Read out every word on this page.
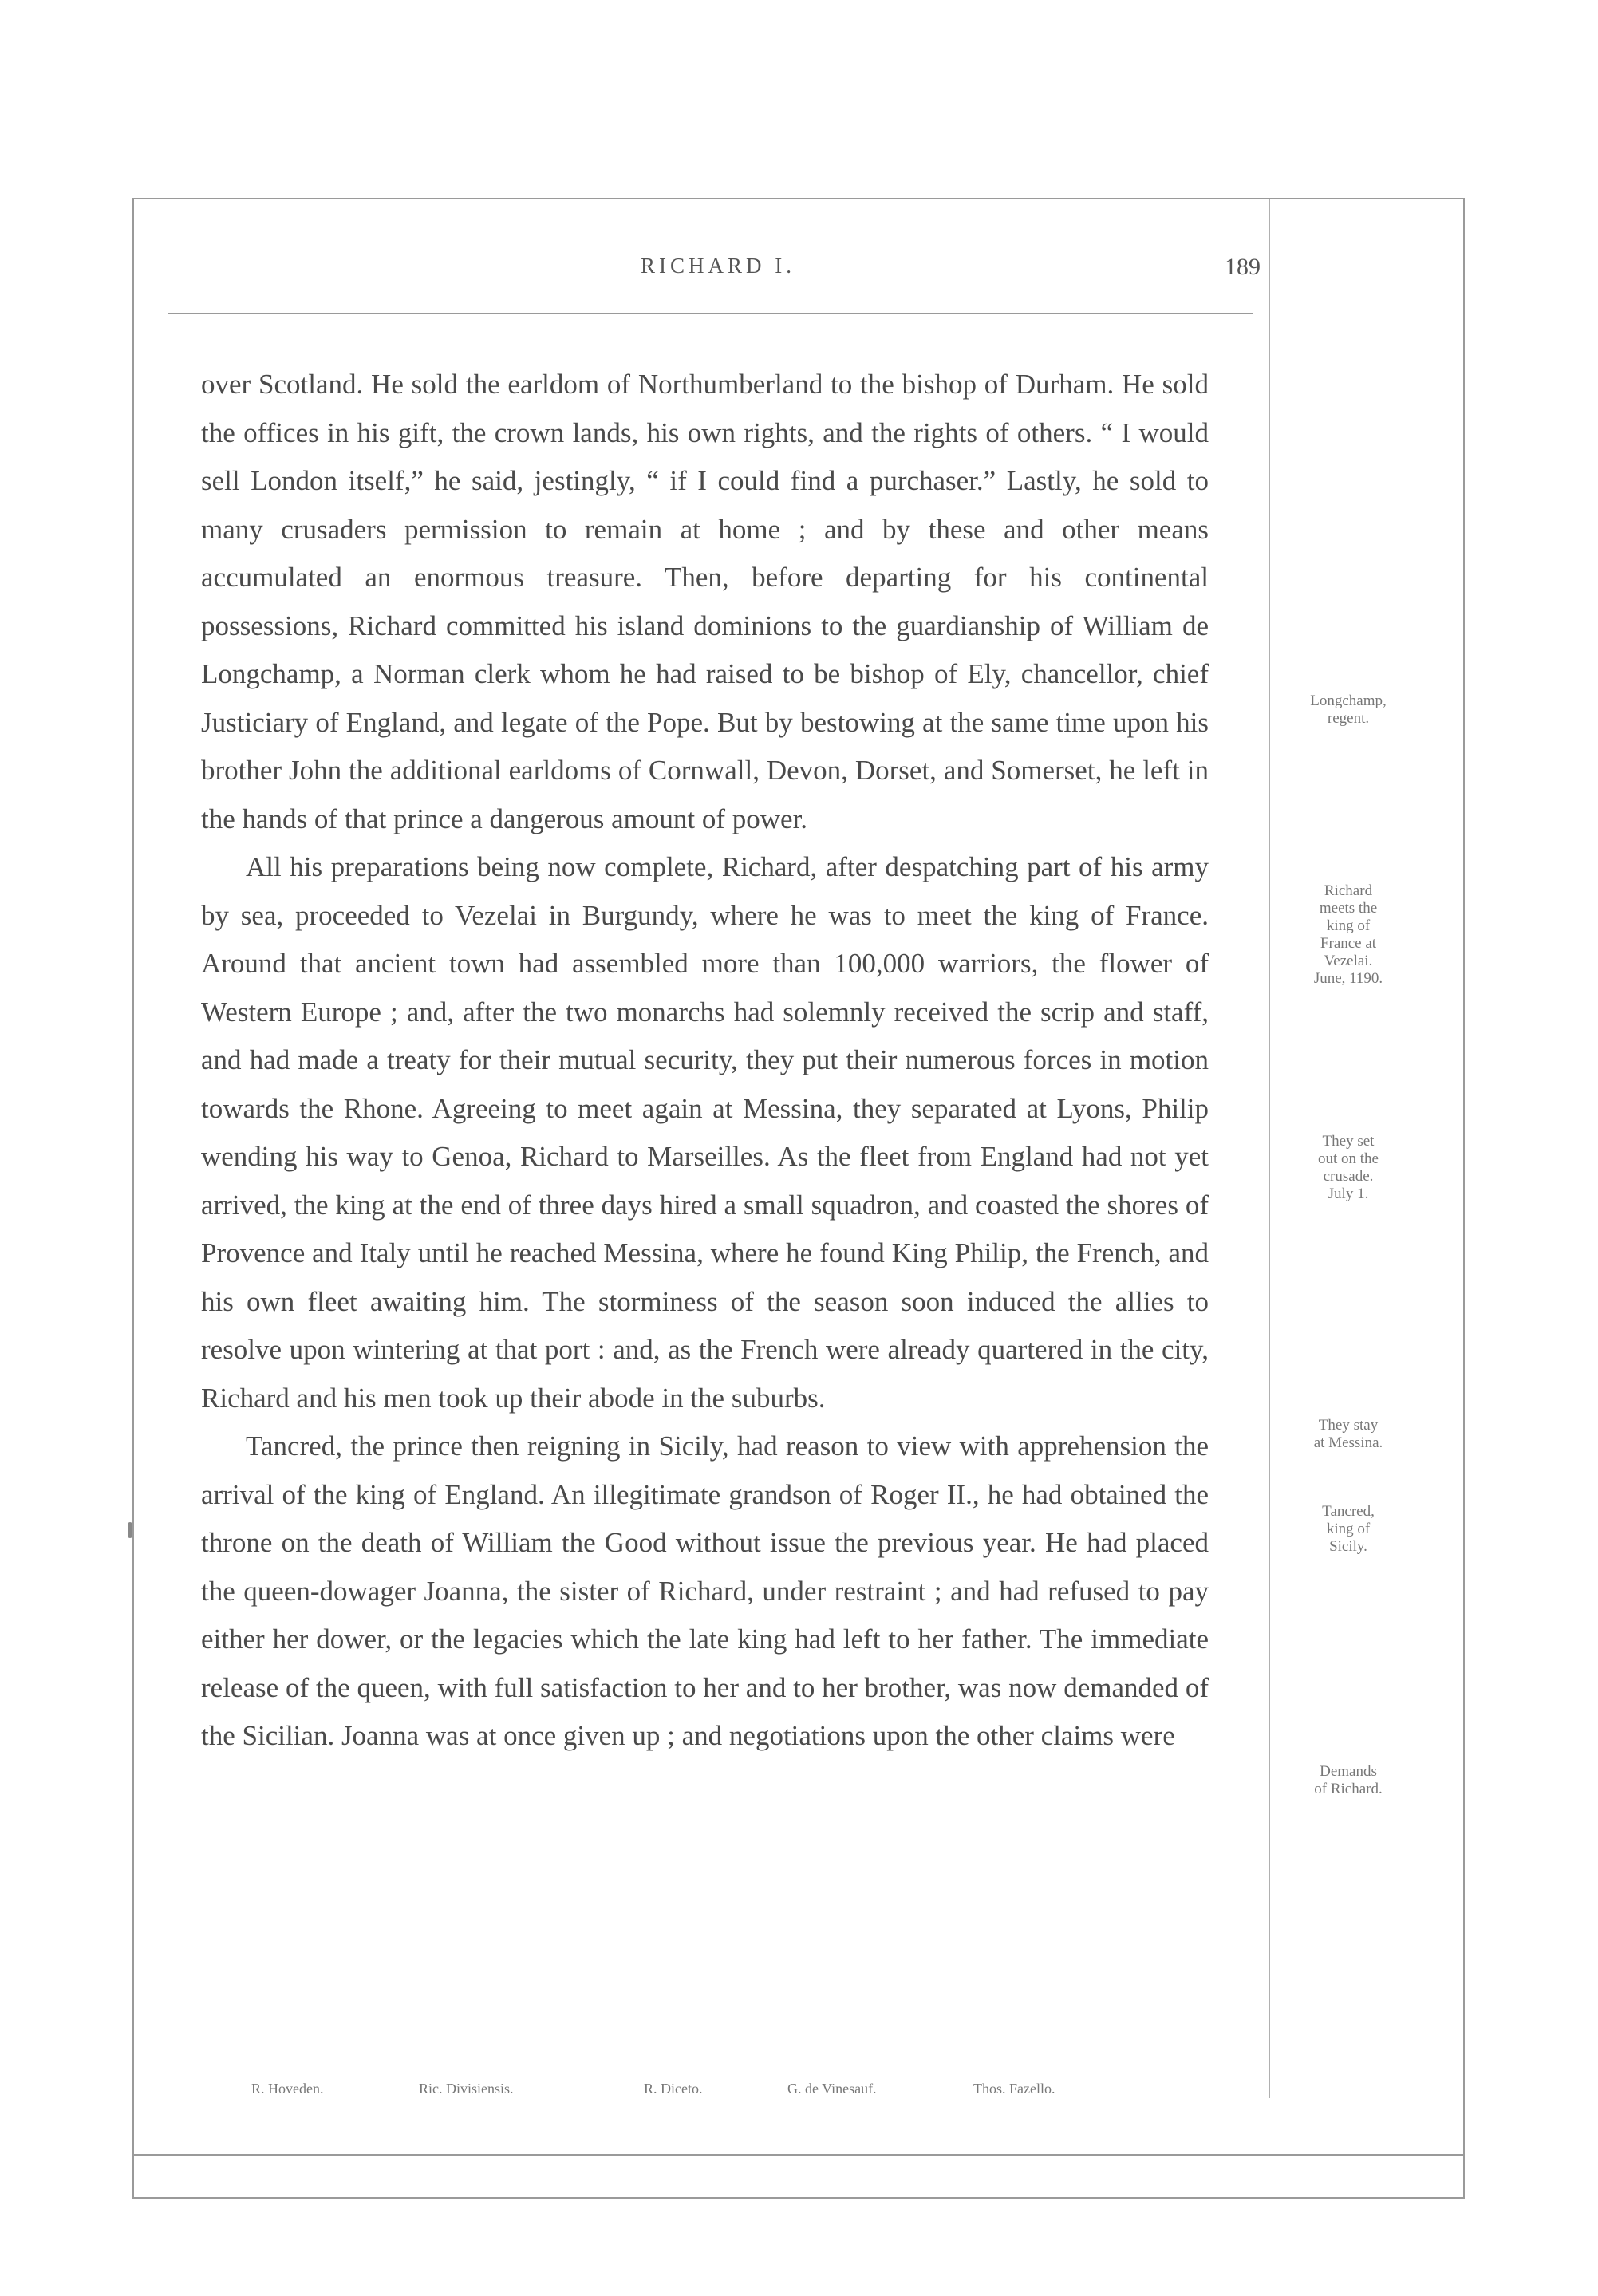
RICHARD I.	189

over Scotland. He sold the earldom of Northumberland to the bishop of Durham. He sold the offices in his gift, the crown lands, his own rights, and the rights of others. “ I would sell London itself,” he said, jestingly, “ if I could find a purchaser.” Lastly, he sold to many crusaders permission to remain at home ; and by these and other means accumulated an enormous treasure. Then, before departing for his continental possessions, Richard committed his island dominions to the guardianship of William de Longchamp, a Norman clerk whom he had raised to be bishop of Ely, chancellor, chief Justiciary of England, and legate of the Pope. But by bestowing at the same time upon his brother John the additional earldoms of Cornwall, Devon, Dorset, and Somerset, he left in the hands of that prince a dangerous amount of power.

All his preparations being now complete, Richard, after despatching part of his army by sea, proceeded to Vezelai in Burgundy, where he was to meet the king of France. Around that ancient town had assembled more than 100,000 warriors, the flower of Western Europe ; and, after the two monarchs had solemnly received the scrip and staff, and had made a treaty for their mutual security, they put their numerous forces in motion towards the Rhone. Agreeing to meet again at Messina, they separated at Lyons, Philip wending his way to Genoa, Richard to Marseilles. As the fleet from England had not yet arrived, the king at the end of three days hired a small squadron, and coasted the shores of Provence and Italy until he reached Messina, where he found King Philip, the French, and his own fleet awaiting him. The storminess of the season soon induced the allies to resolve upon wintering at that port : and, as the French were already quartered in the city, Richard and his men took up their abode in the suburbs.

Tancred, the prince then reigning in Sicily, had reason to view with apprehension the arrival of the king of England. An illegitimate grandson of Roger II., he had obtained the throne on the death of William the Good without issue the previous year. He had placed the queen-dowager Joanna, the sister of Richard, under restraint ; and had refused to pay either her dower, or the legacies which the late king had left to her father. The immediate release of the queen, with full satisfaction to her and to her brother, was now demanded of the Sicilian. Joanna was at once given up ; and negotiations upon the other claims were

Longchamp,
regent.
Richard
meets the
king of
France at
Vezelai.
June, 1190.
They set
out on the
crusade.
July 1.
They stay
at Messina.
Tancred,
king of
Sicily.
Demands
of Richard.
R. Hoveden.	Ric. Divisiensis.	R. Diceto.	G. de Vinesauf.	Thos. Fazello.
